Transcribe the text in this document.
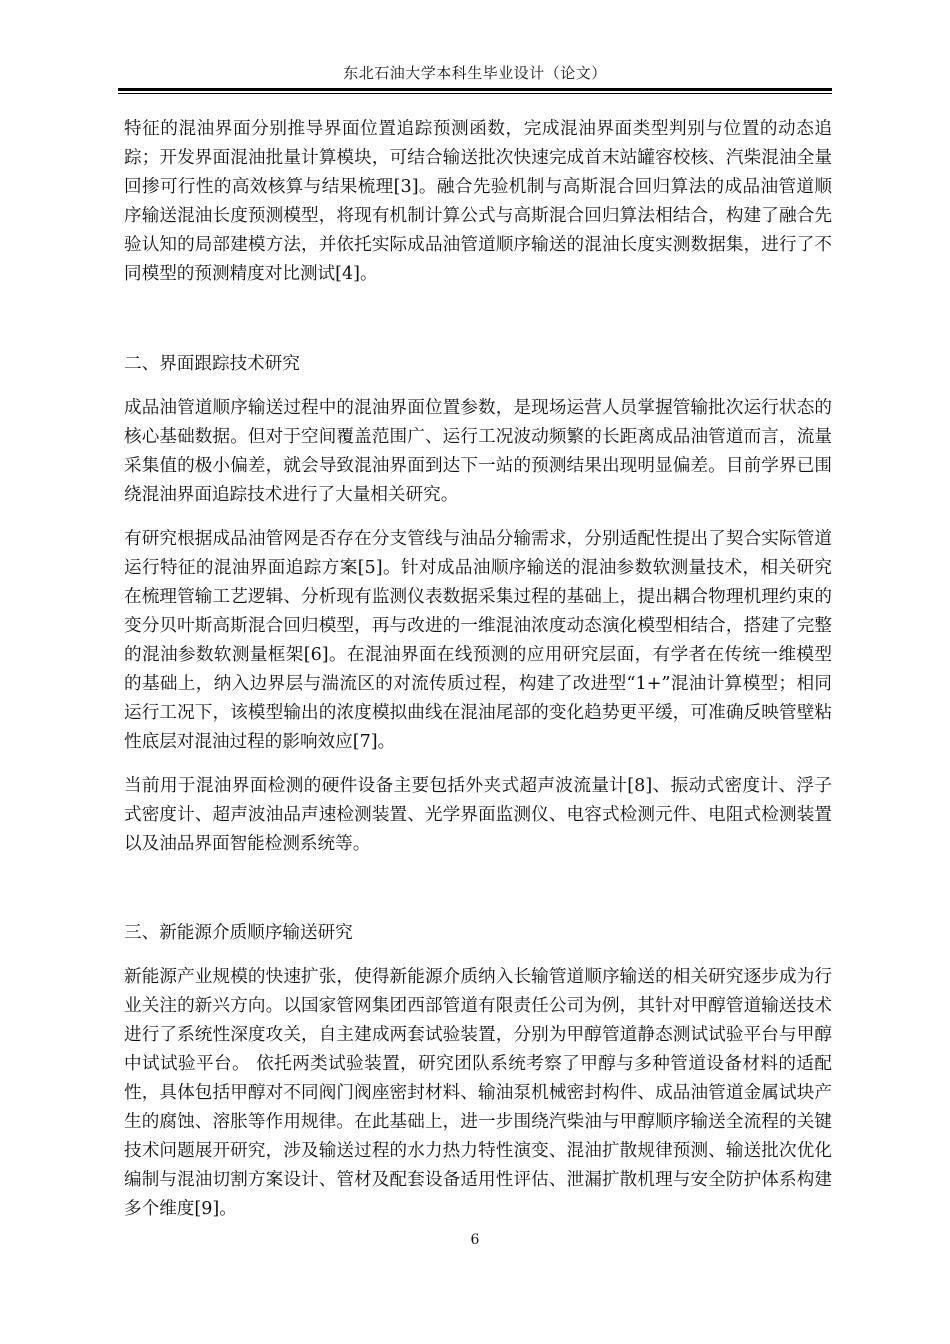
东北石油大学本科生毕业设计（论文）

特征的混油界面分别推导界面位置追踪预测函数，完成混油界面类型判别与位置的动态追踪；开发界面混油批量计算模块，可结合输送批次快速完成首末站罐容校核、汽柴混油全量回掺可行性的高效核算与结果梳理[3]。融合先验机制与高斯混合回归算法的成品油管道顺序输送混油长度预测模型，将现有机制计算公式与高斯混合回归算法相结合，构建了融合先验认知的局部建模方法，并依托实际成品油管道顺序输送的混油长度实测数据集，进行了不同模型的预测精度对比测试[4]。

二、界面跟踪技术研究

成品油管道顺序输送过程中的混油界面位置参数，是现场运营人员掌握管输批次运行状态的核心基础数据。但对于空间覆盖范围广、运行工况波动频繁的长距离成品油管道而言，流量采集值的极小偏差，就会导致混油界面到达下一站的预测结果出现明显偏差。目前学界已围绕混油界面追踪技术进行了大量相关研究。

有研究根据成品油管网是否存在分支管线与油品分输需求，分别适配性提出了契合实际管道运行特征的混油界面追踪方案[5]。针对成品油顺序输送的混油参数软测量技术，相关研究在梳理管输工艺逻辑、分析现有监测仪表数据采集过程的基础上，提出耦合物理机理约束的变分贝叶斯高斯混合回归模型，再与改进的一维混油浓度动态演化模型相结合，搭建了完整的混油参数软测量框架[6]。在混油界面在线预测的应用研究层面，有学者在传统一维模型的基础上，纳入边界层与湍流区的对流传质过程，构建了改进型“1+”混油计算模型；相同运行工况下，该模型输出的浓度模拟曲线在混油尾部的变化趋势更平缓，可准确反映管壁粘性底层对混油过程的影响效应[7]。

当前用于混油界面检测的硬件设备主要包括外夹式超声波流量计[8]、振动式密度计、浮子式密度计、超声波油品声速检测装置、光学界面监测仪、电容式检测元件、电阻式检测装置以及油品界面智能检测系统等。

三、新能源介质顺序输送研究

新能源产业规模的快速扩张，使得新能源介质纳入长输管道顺序输送的相关研究逐步成为行业关注的新兴方向。以国家管网集团西部管道有限责任公司为例，其针对甲醇管道输送技术进行了系统性深度攻关，自主建成两套试验装置，分别为甲醇管道静态测试试验平台与甲醇中试试验平台。 依托两类试验装置，研究团队系统考察了甲醇与多种管道设备材料的适配性，具体包括甲醇对不同阀门阀座密封材料、输油泵机械密封构件、成品油管道金属试块产生的腐蚀、溶胀等作用规律。在此基础上，进一步围绕汽柴油与甲醇顺序输送全流程的关键技术问题展开研究，涉及输送过程的水力热力特性演变、混油扩散规律预测、输送批次优化编制与混油切割方案设计、管材及配套设备适用性评估、泄漏扩散机理与安全防护体系构建多个维度[9]。

6
